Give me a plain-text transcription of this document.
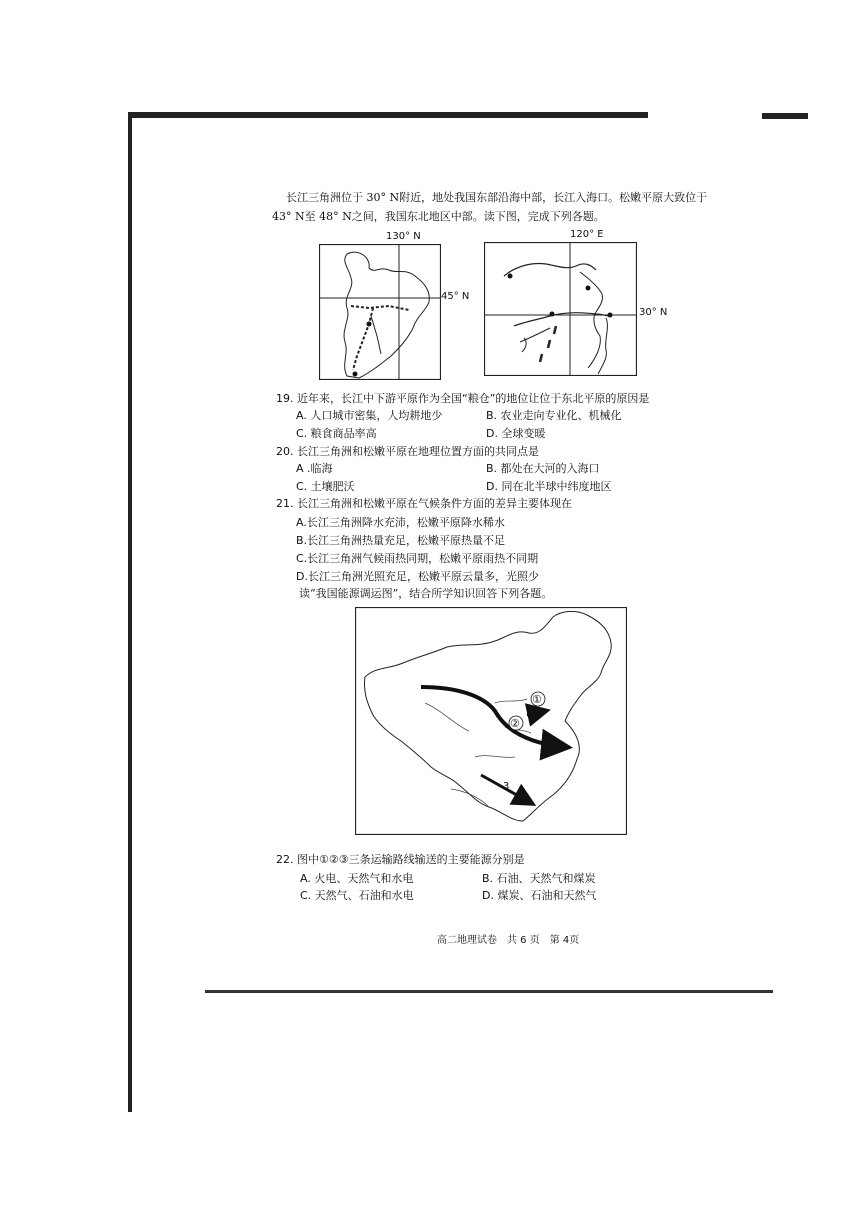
长江三角洲位于 30° N附近，地处我国东部沿海中部，长江入海口。松嫩平原大致位于
43° N至 48° N之间，我国东北地区中部。读下图，完成下列各题。
130° N
45° N
120° E
30° N
19. 近年来，长江中下游平原作为全国“粮仓”的地位让位于东北平原的原因是
A. 人口城市密集，人均耕地少	B. 农业走向专业化、机械化
C. 粮食商品率高	D. 全球变暖
20. 长江三角洲和松嫩平原在地理位置方面的共同点是
A .临海	B. 都处在大河的入海口
C. 土壤肥沃	D. 同在北半球中纬度地区
21. 长江三角洲和松嫩平原在气候条件方面的差异主要体现在
A.长江三角洲降水充沛，松嫩平原降水稀水
B.长江三角洲热量充足，松嫩平原热量不足
C.长江三角洲气候雨热同期，松嫩平原雨热不同期
D.长江三角洲光照充足，松嫩平原云量多，光照少
读“我国能源调运图”，结合所学知识回答下列各题。
①
②
3
22. 图中①②③三条运输路线输送的主要能源分别是
A. 火电、天然气和水电	B. 石油、天然气和煤炭
C. 天然气、石油和水电	D. 煤炭、石油和天然气
高二地理试卷　共 6 页　第 4页
